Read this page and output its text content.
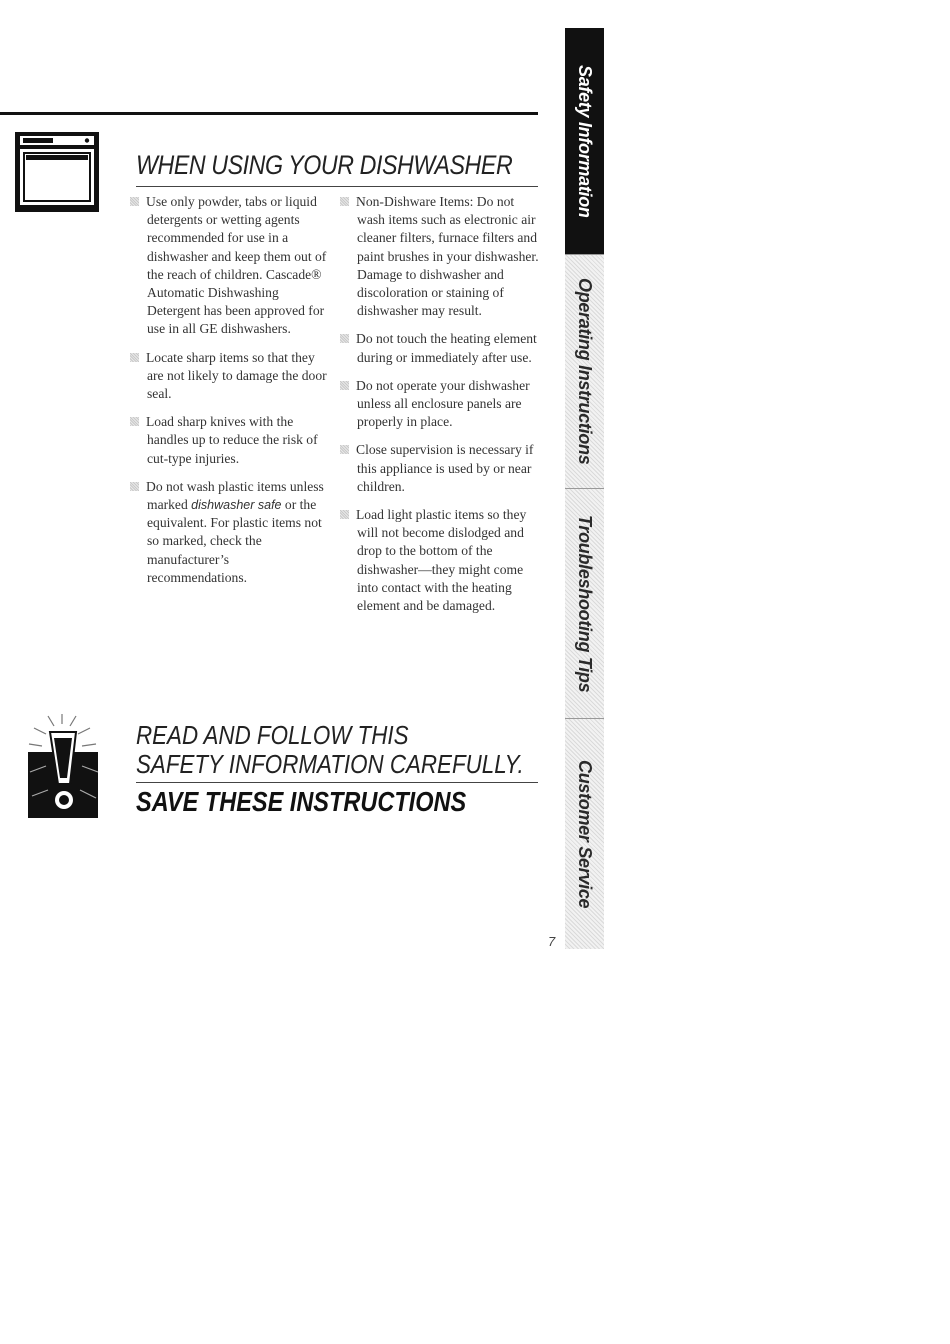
WHEN USING YOUR DISHWASHER

Use only powder, tabs or liquid detergents or wetting agents recommended for use in a dishwasher and keep them out of the reach of children. Cascade® Automatic Dishwashing Detergent has been approved for use in all GE dishwashers.

Locate sharp items so that they are not likely to damage the door seal.

Load sharp knives with the handles up to reduce the risk of cut-type injuries.

Do not wash plastic items unless marked dishwasher safe or the equivalent. For plastic items not so marked, check the manufacturer’s recommendations.

Non-Dishware Items: Do not wash items such as electronic air cleaner filters, furnace filters and paint brushes in your dishwasher. Damage to dishwasher and discoloration or staining of dishwasher may result.

Do not touch the heating element during or immediately after use.

Do not operate your dishwasher unless all enclosure panels are properly in place.

Close supervision is necessary if this appliance is used by or near children.

Load light plastic items so they will not become dislodged and drop to the bottom of the dishwasher—they might come into contact with the heating element and be damaged.

READ AND FOLLOW THIS
SAFETY INFORMATION CAREFULLY.
SAVE THESE INSTRUCTIONS
Safety Information
Operating Instructions
Troubleshooting Tips
Customer Service
7
